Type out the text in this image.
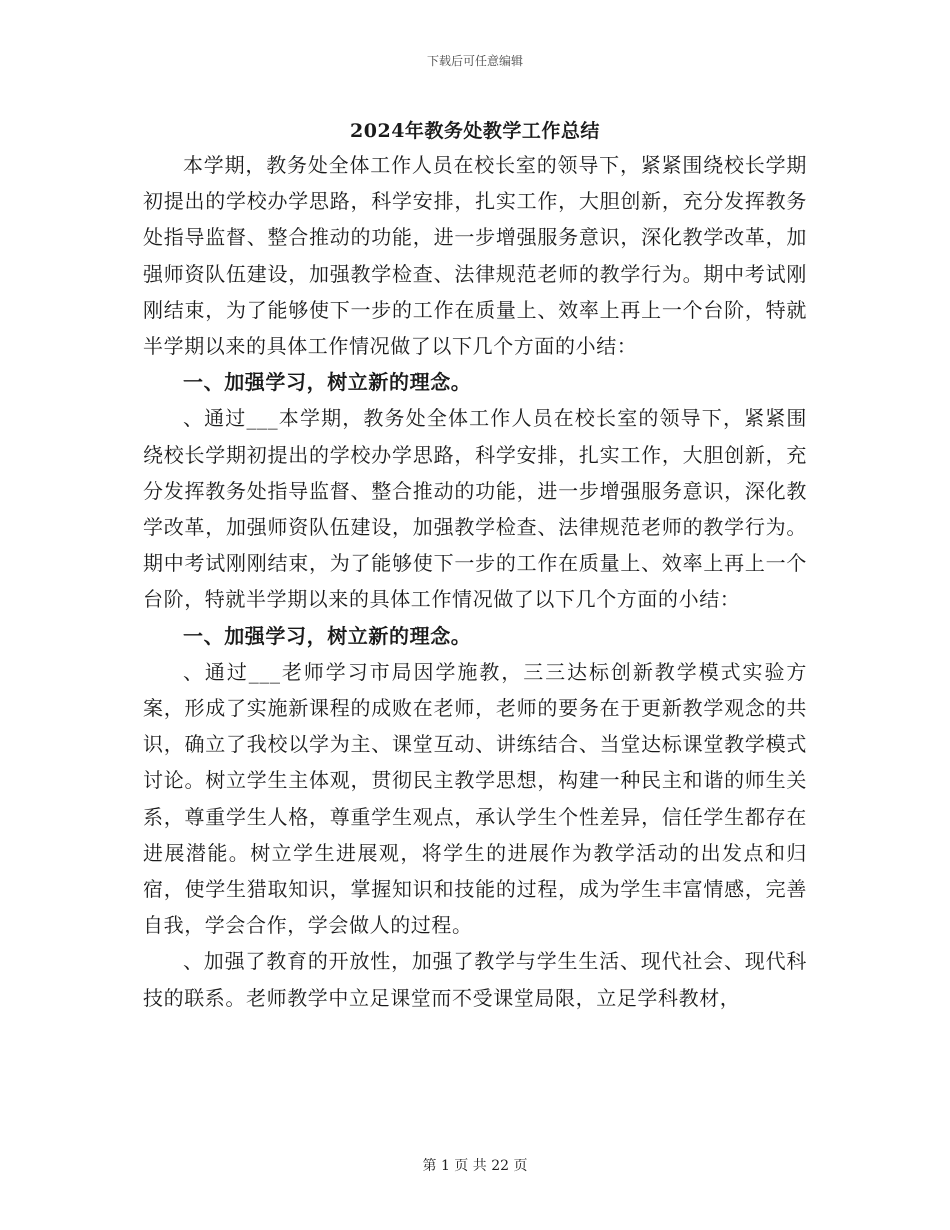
下载后可任意编辑
2024年教务处教学工作总结

本学期，教务处全体工作人员在校长室的领导下，紧紧围绕校长学期初提出的学校办学思路，科学安排，扎实工作，大胆创新，充分发挥教务处指导监督、整合推动的功能，进一步增强服务意识，深化教学改革，加强师资队伍建设，加强教学检查、法律规范老师的教学行为。期中考试刚刚结束，为了能够使下一步的工作在质量上、效率上再上一个台阶，特就半学期以来的具体工作情况做了以下几个方面的小结：

一、加强学习，树立新的理念。

、通过___本学期，教务处全体工作人员在校长室的领导下，紧紧围绕校长学期初提出的学校办学思路，科学安排，扎实工作，大胆创新，充分发挥教务处指导监督、整合推动的功能，进一步增强服务意识，深化教学改革，加强师资队伍建设，加强教学检查、法律规范老师的教学行为。期中考试刚刚结束，为了能够使下一步的工作在质量上、效率上再上一个台阶，特就半学期以来的具体工作情况做了以下几个方面的小结：

一、加强学习，树立新的理念。

、通过___老师学习市局因学施教，三三达标创新教学模式实验方案，形成了实施新课程的成败在老师，老师的要务在于更新教学观念的共识，确立了我校以学为主、课堂互动、讲练结合、当堂达标课堂教学模式讨论。树立学生主体观，贯彻民主教学思想，构建一种民主和谐的师生关系，尊重学生人格，尊重学生观点，承认学生个性差异，信任学生都存在进展潜能。树立学生进展观，将学生的进展作为教学活动的出发点和归宿，使学生猎取知识，掌握知识和技能的过程，成为学生丰富情感，完善自我，学会合作，学会做人的过程。

、加强了教育的开放性，加强了教学与学生生活、现代社会、现代科技的联系。老师教学中立足课堂而不受课堂局限，立足学科教材，

第 1 页 共 22 页
